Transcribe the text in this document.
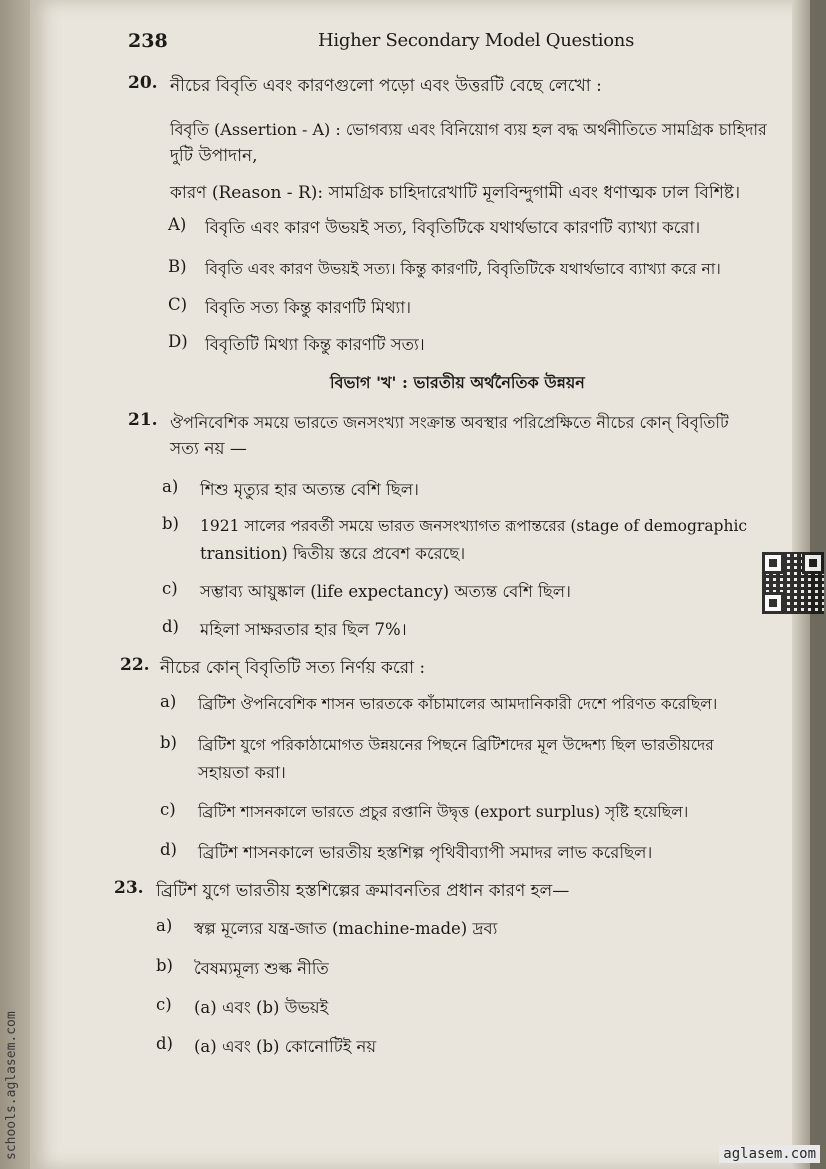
238	Higher Secondary Model Questions
20. নীচের বিবৃতি এবং কারণগুলো পড়ো এবং উত্তরটি বেছে লেখো :
বিবৃতি (Assertion - A) : ভোগব্যয় এবং বিনিয়োগ ব্যয় হল বদ্ধ অর্থনীতিতে সামগ্রিক চাহিদার
দুটি উপাদান,
কারণ (Reason - R): সামগ্রিক চাহিদারেখাটি মূলবিন্দুগামী এবং ধণাত্মক ঢাল বিশিষ্ট।
A) বিবৃতি এবং কারণ উভয়ই সত্য, বিবৃতিটিকে যথার্থভাবে কারণটি ব্যাখ্যা করো।
B) বিবৃতি এবং কারণ উভয়ই সত্য। কিন্তু কারণটি, বিবৃতিটিকে যথার্থভাবে ব্যাখ্যা করে না।
C) বিবৃতি সত্য কিন্তু কারণটি মিথ্যা।
D) বিবৃতিটি মিথ্যা কিন্তু কারণটি সত্য।
বিভাগ 'খ' : ভারতীয় অর্থনৈতিক উন্নয়ন
21. ঔপনিবেশিক সময়ে ভারতে জনসংখ্যা সংক্রান্ত অবস্থার পরিপ্রেক্ষিতে নীচের কোন্ বিবৃতিটি
সত্য নয় —
a) শিশু মৃত্যুর হার অত্যন্ত বেশি ছিল।
b) 1921 সালের পরবর্তী সময়ে ভারত জনসংখ্যাগত রূপান্তরের (stage of demographic
transition) দ্বিতীয় স্তরে প্রবেশ করেছে।
c) সম্ভাব্য আয়ুষ্কাল (life expectancy) অত্যন্ত বেশি ছিল।
d) মহিলা সাক্ষরতার হার ছিল 7%।
22. নীচের কোন্ বিবৃতিটি সত্য নির্ণয় করো :
a) ব্রিটিশ ঔপনিবেশিক শাসন ভারতকে কাঁচামালের আমদানিকারী দেশে পরিণত করেছিল।
b) ব্রিটিশ যুগে পরিকাঠামোগত উন্নয়নের পিছনে ব্রিটিশদের মূল উদ্দেশ্য ছিল ভারতীয়দের
সহায়তা করা।
c) ব্রিটিশ শাসনকালে ভারতে প্রচুর রপ্তানি উদ্বৃত্ত (export surplus) সৃষ্টি হয়েছিল।
d) ব্রিটিশ শাসনকালে ভারতীয় হস্তশিল্প পৃথিবীব্যাপী সমাদর লাভ করেছিল।
23. ব্রিটিশ যুগে ভারতীয় হস্তশিল্পের ক্রমাবনতির প্রধান কারণ হল—
a) স্বল্প মূল্যের যন্ত্র-জাত (machine-made) দ্রব্য
b) বৈষম্যমূল্য শুল্ক নীতি
c) (a) এবং (b) উভয়ই
d) (a) এবং (b) কোনোটিই নয়
schools.aglasem.com	aglasem.com
